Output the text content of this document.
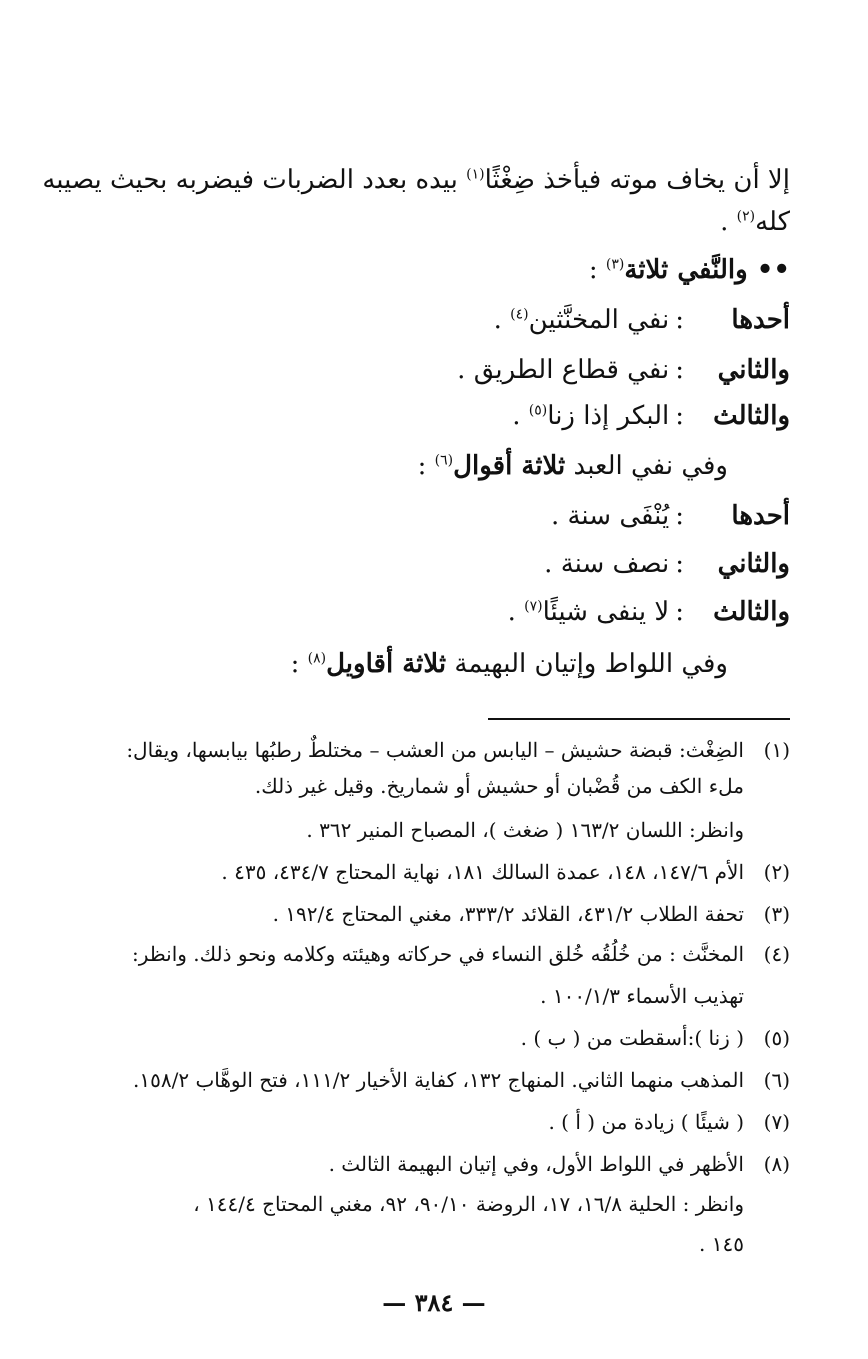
إلا أن يخاف موته فيأخذ ضِغْثًا$^{(١)}$ بيده بعدد الضربات فيضربه بحيث يصيبه
كله$^{(٢)}$ .
•• والنَّفي ثلاثة$^{(٣)}$ :
أحدها:نفي المخنَّثين$^{(٤)}$ .
والثاني:نفي قطاع الطريق .
والثالث:البكر إذا زنا$^{(٥)}$ .
وفي نفي العبد ثلاثة أقوال$^{(٦)}$ :
أحدها:يُنْفَى سنة .
والثاني:نصف سنة .
والثالث:لا ينفى شيئًا$^{(٧)}$ .
وفي اللواط وإتيان البهيمة ثلاثة أقاويل$^{(٨)}$ :
(١)الضِغْث: قبضة حشيش – اليابس من العشب – مختلطٌ رطبُها بيابسها، ويقال:
ملء الكف من قُضْبان أو حشيش أو شماريخ. وقيل غير ذلك.
وانظر: اللسان ١٦٣/٢ ( ضغث )، المصباح المنير ٣٦٢ .
(٢)الأم ١٤٧/٦، ١٤٨، عمدة السالك ١٨١، نهاية المحتاج ٤٣٤/٧، ٤٣٥ .
(٣)تحفة الطلاب ٤٣١/٢، القلائد ٣٣٣/٢، مغني المحتاج ١٩٢/٤ .
(٤)المخنَّث : من خُلُقُه خُلق النساء في حركاته وهيئته وكلامه ونحو ذلك. وانظر:
تهذيب الأسماء ١٠٠/١/٣ .
(٥)( زنا ):أسقطت من ( ب ) .
(٦)المذهب منهما الثاني. المنهاج ١٣٢، كفاية الأخيار ١١١/٢، فتح الوهَّاب ١٥٨/٢.
(٧)( شيئًا ) زيادة من ( أ ) .
(٨)الأظهر في اللواط الأول، وفي إتيان البهيمة الثالث .
وانظر : الحلية ١٦/٨، ١٧، الروضة ٩٠/١٠، ٩٢، مغني المحتاج ١٤٤/٤ ،
١٤٥ .
— ٣٨٤ —
